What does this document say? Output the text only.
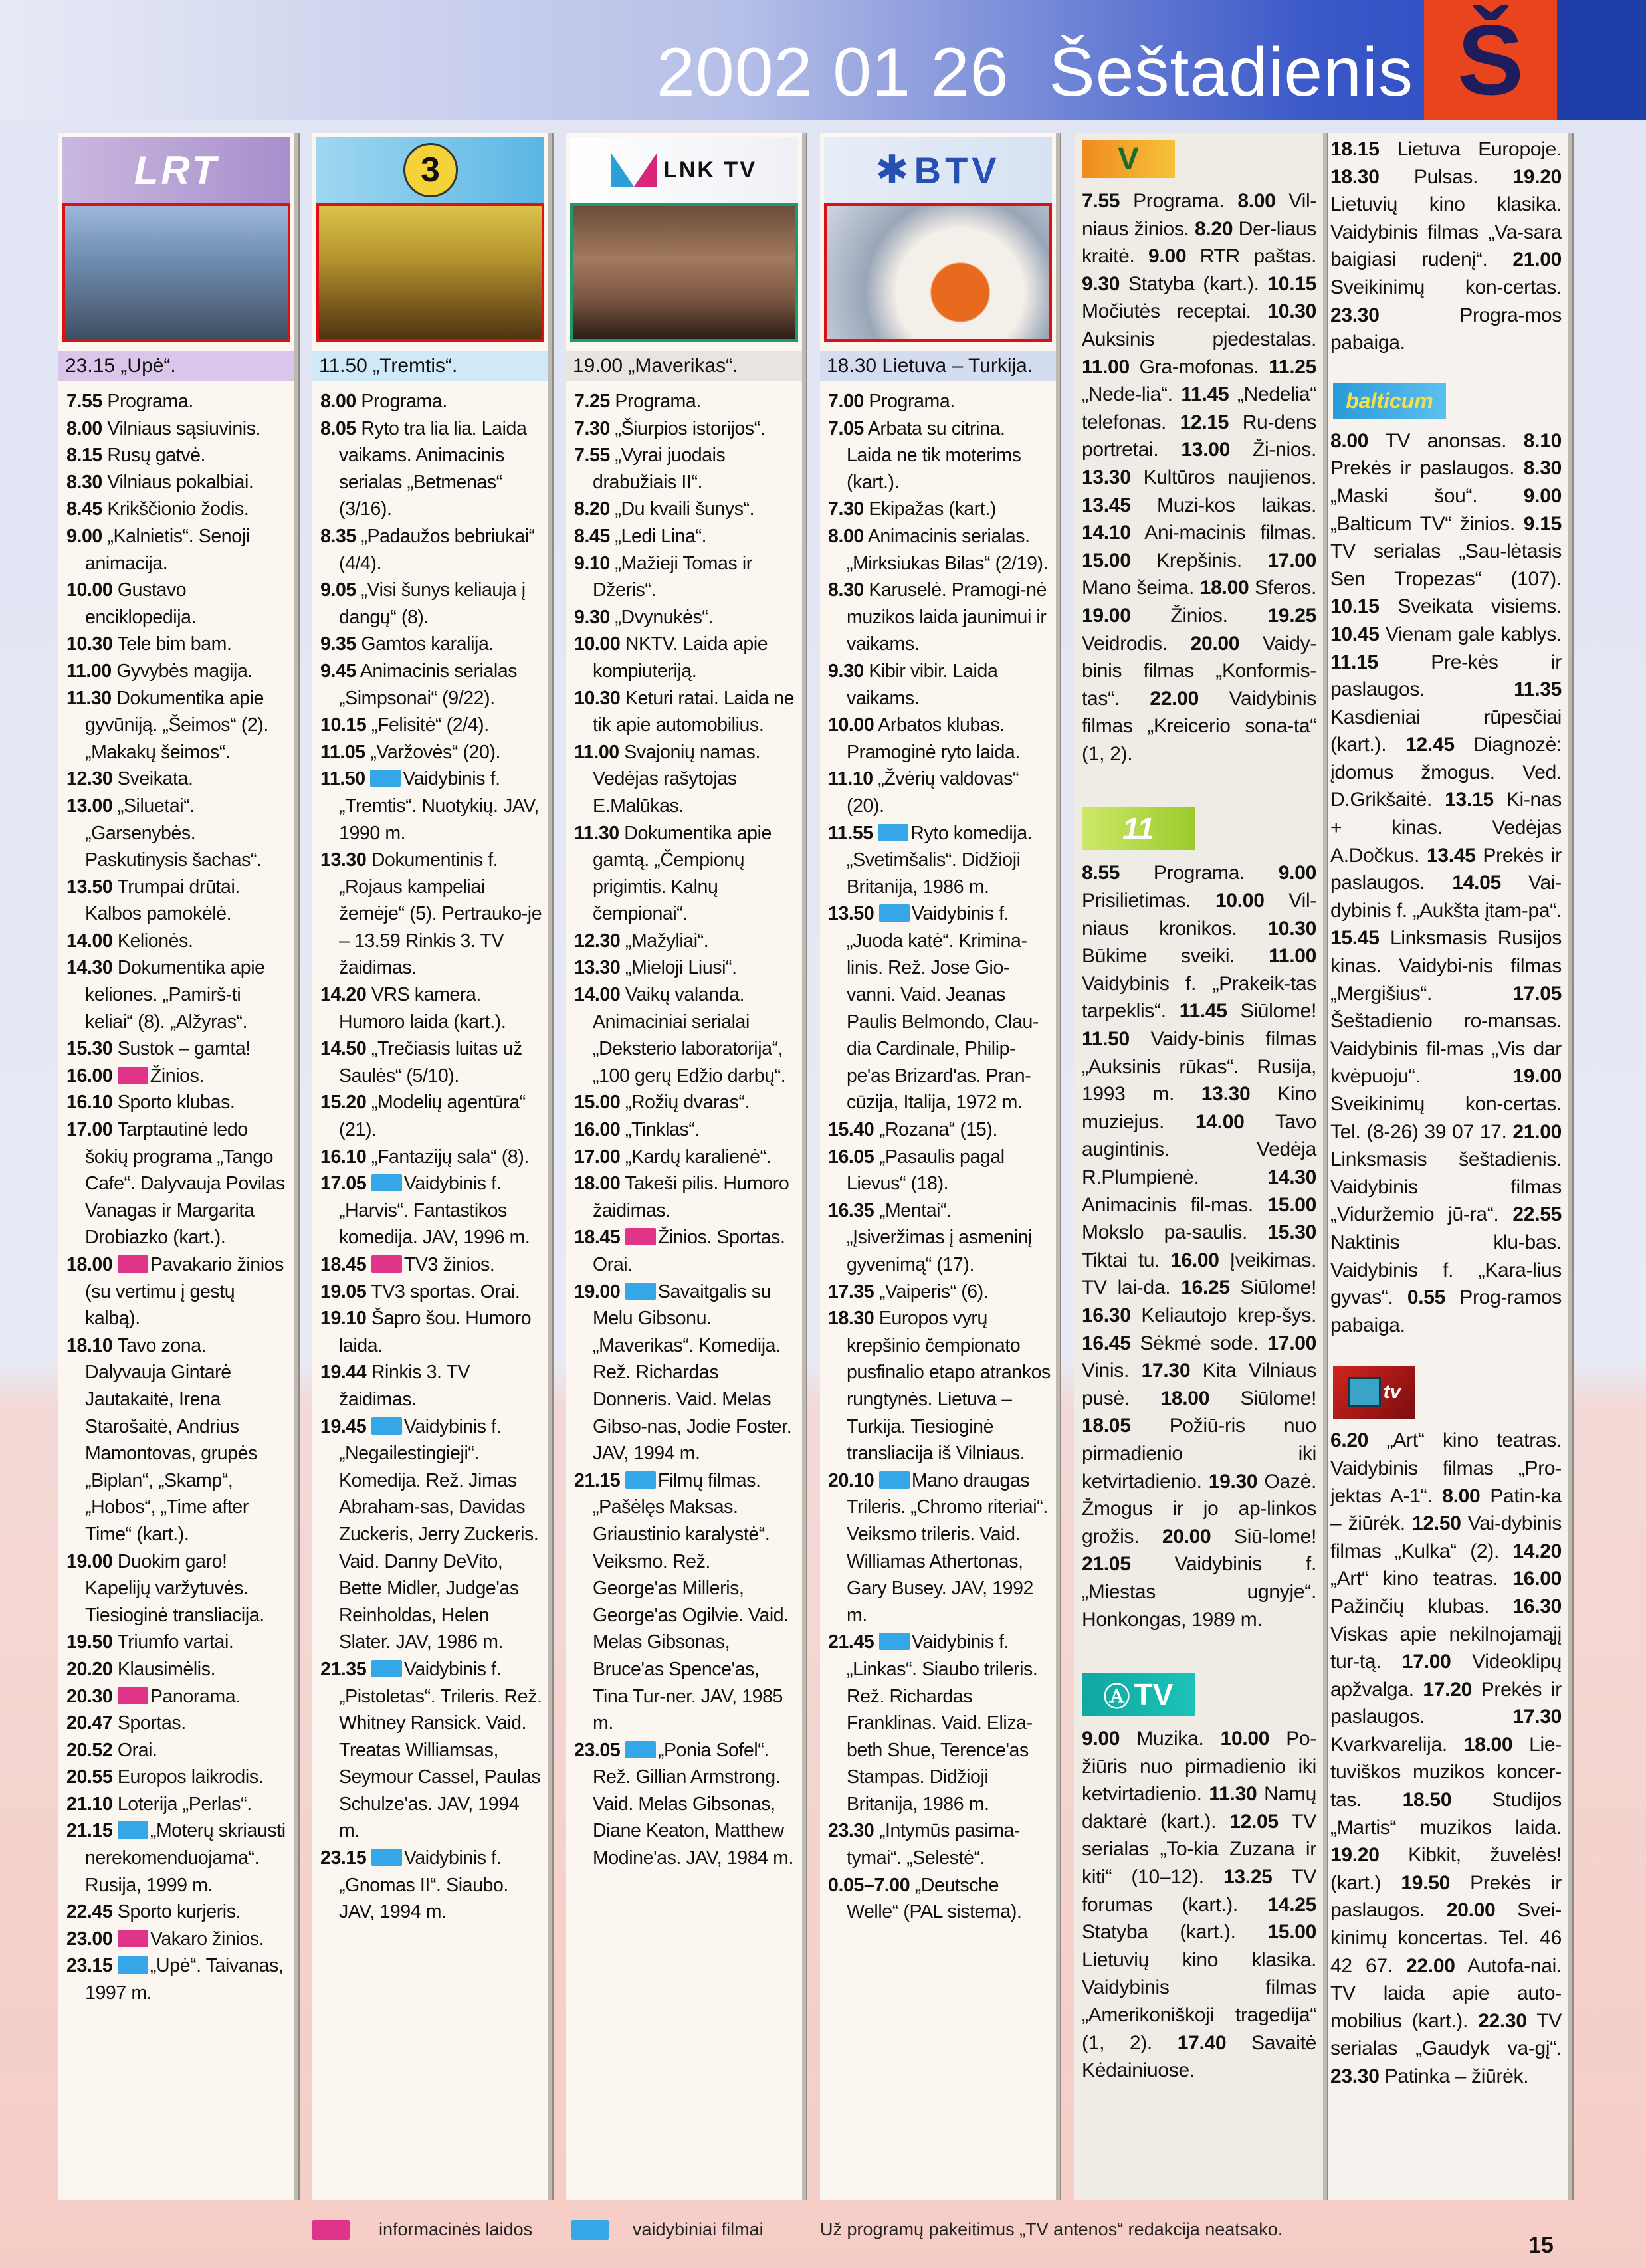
2002 01 26 Šeštadienis Š
LRT
23.15 „Upė“.
7.55 Programa.
8.00 Vilniaus sąsiuvinis.
8.15 Rusų gatvė.
8.30 Vilniaus pokalbiai.
8.45 Krikščionio žodis.
9.00 „Kalnietis“. Senoji animacija.
10.00 Gustavo enciklopedija.
10.30 Tele bim bam.
11.00 Gyvybės magija.
11.30 Dokumentika apie gyvūniją. „Šeimos“ (2). „Makakų šeimos“.
12.30 Sveikata.
13.00 „Siluetai“. „Garsenybės. Paskutinysis šachas“.
13.50 Trumpai drūtai. Kalbos pamokėlė.
14.00 Kelionės.
14.30 Dokumentika apie keliones. „Pamirš-ti keliai“ (8). „Alžyras“.
15.30 Sustok – gamta!
16.00 Žinios.
16.10 Sporto klubas.
17.00 Tarptautinė ledo šokių programa „Tango Cafe“. Dalyvauja Povilas Vanagas ir Margarita Drobiazko (kart.).
18.00 Pavakario žinios (su vertimu į gestų kalbą).
18.10 Tavo zona. Dalyvauja Gintarė Jautakaitė, Irena Starošaitė, Andrius Mamontovas, grupės „Biplan“, „Skamp“, „Hobos“, „Time after Time“ (kart.).
19.00 Duokim garo! Kapelijų varžytuvės. Tiesioginė transliacija.
19.50 Triumfo vartai.
20.20 Klausimėlis.
20.30 Panorama.
20.47 Sportas.
20.52 Orai.
20.55 Europos laikrodis.
21.10 Loterija „Perlas“.
21.15 „Moterų skriausti nerekomenduojama“. Rusija, 1999 m.
22.45 Sporto kurjeris.
23.00 Vakaro žinios.
23.15 „Upė“. Taivanas, 1997 m.
3
11.50 „Tremtis“.
8.00 Programa.
8.05 Ryto tra lia lia. Laida vaikams. Animacinis serialas „Betmenas“ (3/16).
8.35 „Padaužos bebriukai“ (4/4).
9.05 „Visi šunys keliauja į dangų“ (8).
9.35 Gamtos karalija.
9.45 Animacinis serialas „Simpsonai“ (9/22).
10.15 „Felisitė“ (2/4).
11.05 „Varžovės“ (20).
11.50 Vaidybinis f. „Tremtis“. Nuotykių. JAV, 1990 m.
13.30 Dokumentinis f. „Rojaus kampeliai žemėje“ (5). Pertrauko-je – 13.59 Rinkis 3. TV žaidimas.
14.20 VRS kamera. Humoro laida (kart.).
14.50 „Trečiasis luitas už Saulės“ (5/10).
15.20 „Modelių agentūra“ (21).
16.10 „Fantazijų sala“ (8).
17.05 Vaidybinis f. „Harvis“. Fantastikos komedija. JAV, 1996 m.
18.45 TV3 žinios.
19.05 TV3 sportas. Orai.
19.10 Šapro šou. Humoro laida.
19.44 Rinkis 3. TV žaidimas.
19.45 Vaidybinis f. „Negailestingieji“. Komedija. Rež. Jimas Abraham-sas, Davidas Zuckeris, Jerry Zuckeris. Vaid. Danny DeVito, Bette Midler, Judge'as Reinholdas, Helen Slater. JAV, 1986 m.
21.35 Vaidybinis f. „Pistoletas“. Trileris. Rež. Whitney Ransick. Vaid. Treatas Williamsas, Seymour Cassel, Paulas Schulze'as. JAV, 1994 m.
23.15 Vaidybinis f. „Gnomas II“. Siaubo. JAV, 1994 m.
LNK TV
19.00 „Maverikas“.
7.25 Programa.
7.30 „Šiurpios istorijos“.
7.55 „Vyrai juodais drabužiais II“.
8.20 „Du kvaili šunys“.
8.45 „Ledi Lina“.
9.10 „Mažieji Tomas ir Džeris“.
9.30 „Dvynukės“.
10.00 NKTV. Laida apie kompiuteriją.
10.30 Keturi ratai. Laida ne tik apie automobilius.
11.00 Svajonių namas. Vedėjas rašytojas E.Malūkas.
11.30 Dokumentika apie gamtą. „Čempionų prigimtis. Kalnų čempionai“.
12.30 „Mažyliai“.
13.30 „Mieloji Liusi“.
14.00 Vaikų valanda. Animaciniai serialai „Deksterio laboratorija“, „100 gerų Edžio darbų“.
15.00 „Rožių dvaras“.
16.00 „Tinklas“.
17.00 „Kardų karalienė“.
18.00 Takeši pilis. Humoro žaidimas.
18.45 Žinios. Sportas. Orai.
19.00 Savaitgalis su Melu Gibsonu. „Maverikas“. Komedija. Rež. Richardas Donneris. Vaid. Melas Gibso-nas, Jodie Foster. JAV, 1994 m.
21.15 Filmų filmas. „Pašėlęs Maksas. Griaustinio karalystė“. Veiksmo. Rež. George'as Milleris, George'as Ogilvie. Vaid. Melas Gibsonas, Bruce'as Spence'as, Tina Tur-ner. JAV, 1985 m.
23.05 „Ponia Sofel“. Rež. Gillian Armstrong. Vaid. Melas Gibsonas, Diane Keaton, Matthew Modine'as. JAV, 1984 m.
✱ BTV
18.30 Lietuva – Turkija.
7.00 Programa.
7.05 Arbata su citrina. Laida ne tik moterims (kart.).
7.30 Ekipažas (kart.)
8.00 Animacinis serialas. „Mirksiukas Bilas“ (2/19).
8.30 Karuselė. Pramogi-nė muzikos laida jaunimui ir vaikams.
9.30 Kibir vibir. Laida vaikams.
10.00 Arbatos klubas. Pramoginė ryto laida.
11.10 „Žvėrių valdovas“ (20).
11.55 Ryto komedija. „Svetimšalis“. Didžioji Britanija, 1986 m.
13.50 Vaidybinis f. „Juoda katė“. Krimina-linis. Rež. Jose Gio-vanni. Vaid. Jeanas Paulis Belmondo, Clau-dia Cardinale, Philip-pe'as Brizard'as. Pran-cūzija, Italija, 1972 m.
15.40 „Rozana“ (15).
16.05 „Pasaulis pagal Lievus“ (18).
16.35 „Mentai“. „Įsiveržimas į asmeninį gyvenimą“ (17).
17.35 „Vaiperis“ (6).
18.30 Europos vyrų krepšinio čempionato pusfinalio etapo atrankos rungtynės. Lietuva – Turkija. Tiesioginė transliacija iš Vilniaus.
20.10 Mano draugas Trileris. „Chromo riteriai“. Veiksmo trileris. Vaid. Williamas Athertonas, Gary Busey. JAV, 1992 m.
21.45 Vaidybinis f. „Linkas“. Siaubo trileris. Rež. Richardas Franklinas. Vaid. Eliza-beth Shue, Terence'as Stampas. Didžioji Britanija, 1986 m.
23.30 „Intymūs pasima-tymai“. „Selestė“.
0.05–7.00 „Deutsche Welle“ (PAL sistema).
V
7.55 Programa. 8.00 Vil-niaus žinios. 8.20 Der-liaus kraitė. 9.00 RTR paštas. 9.30 Statyba (kart.). 10.15 Močiutės receptai. 10.30 Auksinis pjedestalas. 11.00 Gra-mofonas. 11.25 „Nede-lia“. 11.45 „Nedelia“ telefonas. 12.15 Ru-dens portretai. 13.00 Ži-nios. 13.30 Kultūros naujienos. 13.45 Muzi-kos laikas. 14.10 Ani-macinis filmas. 15.00 Krepšinis. 17.00 Mano šeima. 18.00 Sferos. 19.00 Žinios. 19.25 Veidrodis. 20.00 Vaidy-binis filmas „Konformis-tas“. 22.00 Vaidybinis filmas „Kreicerio sona-ta“ (1, 2).
11
8.55 Programa. 9.00 Prisilietimas. 10.00 Vil-niaus kronikos. 10.30 Būkime sveiki. 11.00 Vaidybinis f. „Prakeik-tas tarpeklis“. 11.45 Siūlome! 11.50 Vaidy-binis filmas „Auksinis rūkas“. Rusija, 1993 m. 13.30 Kino muziejus. 14.00 Tavo augintinis. Vedėja R.Plumpienė. 14.30 Animacinis fil-mas. 15.00 Mokslo pa-saulis. 15.30 Tiktai tu. 16.00 Įveikimas. TV lai-da. 16.25 Siūlome! 16.30 Keliautojo krep-šys. 16.45 Sėkmė sode. 17.00 Vinis. 17.30 Kita Vilniaus pusė. 18.00 Siūlome! 18.05 Požiū-ris nuo pirmadienio iki ketvirtadienio. 19.30 Oazė. Žmogus ir jo ap-linkos grožis. 20.00 Siū-lome! 21.05 Vaidybinis f. „Miestas ugnyje“. Honkongas, 1989 m.
Ⓐ TV
9.00 Muzika. 10.00 Po-žiūris nuo pirmadienio iki ketvirtadienio. 11.30 Namų daktarė (kart.). 12.05 TV serialas „To-kia Zuzana ir kiti“ (10–12). 13.25 TV forumas (kart.). 14.25 Statyba (kart.). 15.00 Lietuvių kino klasika. Vaidybinis filmas „Amerikoniškoji tragedija“ (1, 2). 17.40 Savaitė Kėdainiuose.
18.15 Lietuva Europoje. 18.30 Pulsas. 19.20 Lietuvių kino klasika. Vaidybinis filmas „Va-sara baigiasi rudenį“. 21.00 Sveikinimų kon-certas. 23.30 Progra-mos pabaiga.
balticum
8.00 TV anonsas. 8.10 Prekės ir paslaugos. 8.30 „Maski šou“. 9.00 „Balticum TV“ žinios. 9.15 TV serialas „Sau-lėtasis Sen Tropezas“ (107). 10.15 Sveikata visiems. 10.45 Vienam gale kablys. 11.15 Pre-kės ir paslaugos. 11.35 Kasdieniai rūpesčiai (kart.). 12.45 Diagnozė: įdomus žmogus. Ved. D.Grikšaitė. 13.15 Ki-nas + kinas. Vedėjas A.Dočkus. 13.45 Prekės ir paslaugos. 14.05 Vai-dybinis f. „Aukšta įtam-pa“. 15.45 Linksmasis Rusijos kinas. Vaidybi-nis filmas „Mergišius“. 17.05 Šeštadienio ro-mansas. Vaidybinis fil-mas „Vis dar kvėpuoju“. 19.00 Sveikinimų kon-certas. Tel. (8-26) 39 07 17. 21.00 Linksmasis šeštadienis. Vaidybinis filmas „Viduržemio jū-ra“. 22.55 Naktinis klu-bas. Vaidybinis f. „Kara-lius gyvas“. 0.55 Prog-ramos pabaiga.
tv
6.20 „Art“ kino teatras. Vaidybinis filmas „Pro-jektas A-1“. 8.00 Patin-ka – žiūrėk. 12.50 Vai-dybinis filmas „Kulka“ (2). 14.20 „Art“ kino teatras. 16.00 Pažinčių klubas. 16.30 Viskas apie nekilnojamąjį tur-tą. 17.00 Videoklipų apžvalga. 17.20 Prekės ir paslaugos. 17.30 Kvarkvarelija. 18.00 Lie-tuviškos muzikos koncer-tas. 18.50 Studijos „Martis“ muzikos laida. 19.20 Kibkit, žuvelės! (kart.) 19.50 Prekės ir paslaugos. 20.00 Svei-kinimų koncertas. Tel. 46 42 67. 22.00 Autofa-nai. TV laida apie auto-mobilius (kart.). 22.30 TV serialas „Gaudyk va-gį“. 23.30 Patinka – žiūrėk.
informacinės laidos	vaidybiniai filmai	Už programų pakeitimus „TV antenos“ redakcija neatsako.
15
